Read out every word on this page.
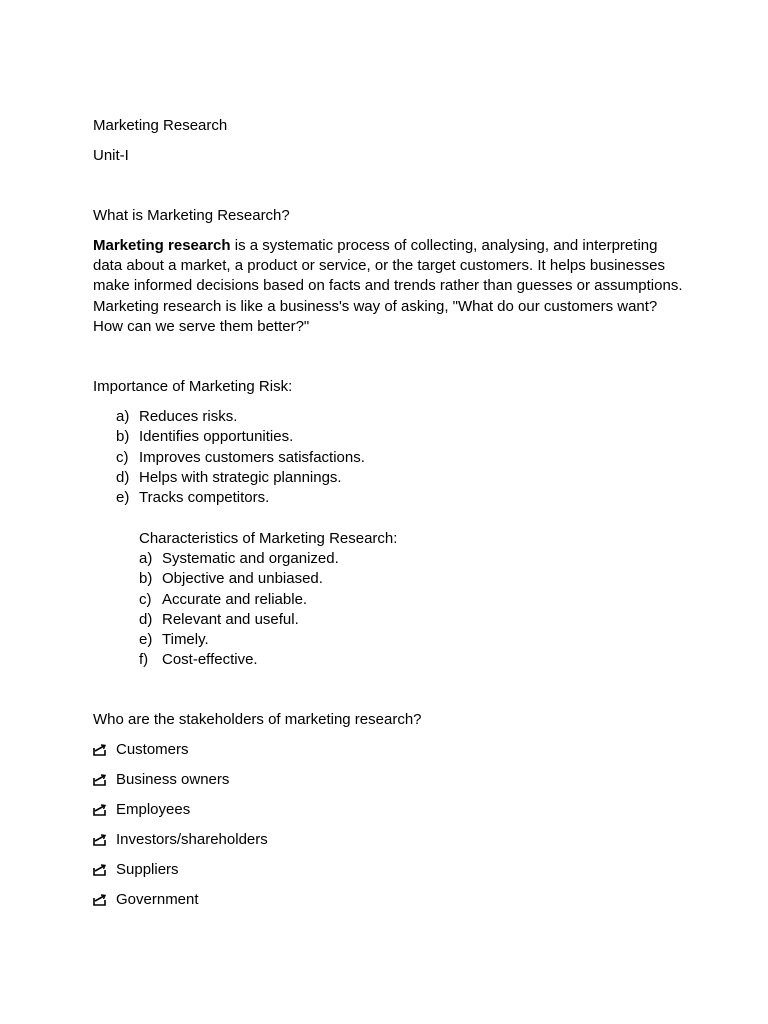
Marketing Research
Unit-I
What is Marketing Research?
Marketing research is a systematic process of collecting, analysing, and interpreting data about a market, a product or service, or the target customers. It helps businesses make informed decisions based on facts and trends rather than guesses or assumptions. Marketing research is like a business's way of asking, "What do our customers want? How can we serve them better?"
Importance of Marketing Risk:
a) Reduces risks.
b) Identifies opportunities.
c) Improves customers satisfactions.
d) Helps with strategic plannings.
e) Tracks competitors.
Characteristics of Marketing Research:
a) Systematic and organized.
b) Objective and unbiased.
c) Accurate and reliable.
d) Relevant and useful.
e) Timely.
f) Cost-effective.
Who are the stakeholders of marketing research?
Customers
Business owners
Employees
Investors/shareholders
Suppliers
Government
